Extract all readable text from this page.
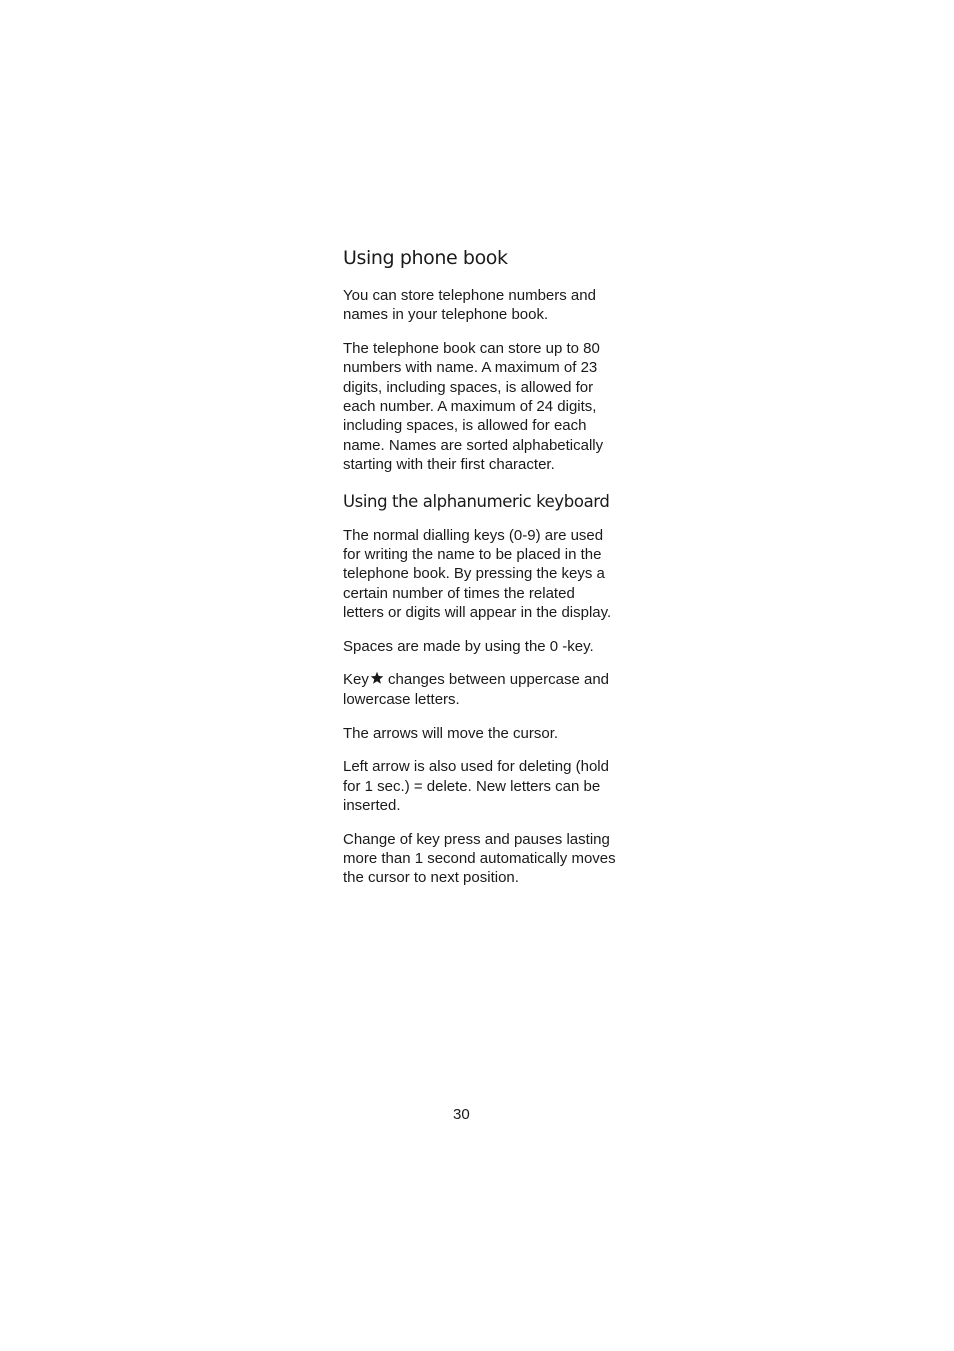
Using phone book

You can store telephone numbers and names in your telephone book.

The telephone book can store up to 80 numbers with name. A maximum of 23 digits, including spaces, is allowed for each number. A maximum of 24 digits, including spaces, is allowed for each name. Names are sorted alphabetically starting with their first character.

Using the alphanumeric keyboard

The normal dialling keys (0-9) are used for writing the name to be placed in the telephone book. By pressing the keys a certain number of times the related letters or digits will appear in the display.

Spaces are made by using the 0 -key.

Key changes between uppercase and lowercase letters.

The arrows will move the cursor.

Left arrow is also used for deleting (hold for 1 sec.) = delete. New letters can be inserted.

Change of key press and pauses lasting more than 1 second automatically moves the cursor to next position.

30
